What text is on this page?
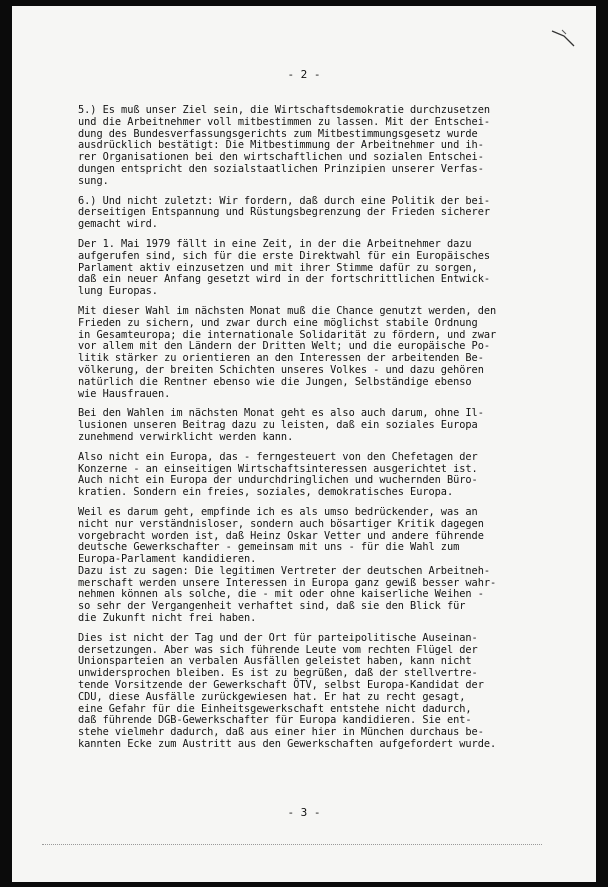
- 2 -
5.) Es muß unser Ziel sein, die Wirtschaftsdemokratie durchzusetzen
und die Arbeitnehmer voll mitbestimmen zu lassen. Mit der Entschei-
dung des Bundesverfassungsgerichts zum Mitbestimmungsgesetz wurde
ausdrücklich bestätigt: Die Mitbestimmung der Arbeitnehmer und ih-
rer Organisationen bei den wirtschaftlichen und sozialen Entschei-
dungen entspricht den sozialstaatlichen Prinzipien unserer Verfas-
sung.
6.) Und nicht zuletzt: Wir fordern, daß durch eine Politik der bei-
derseitigen Entspannung und Rüstungsbegrenzung der Frieden sicherer
gemacht wird.
Der 1. Mai 1979 fällt in eine Zeit, in der die Arbeitnehmer dazu
aufgerufen sind, sich für die erste Direktwahl für ein Europäisches
Parlament aktiv einzusetzen und mit ihrer Stimme dafür zu sorgen,
daß ein neuer Anfang gesetzt wird in der fortschrittlichen Entwick-
lung Europas.
Mit dieser Wahl im nächsten Monat muß die Chance genutzt werden, den
Frieden zu sichern, und zwar durch eine möglichst stabile Ordnung
in Gesamteuropa; die internationale Solidarität zu fördern, und zwar
vor allem mit den Ländern der Dritten Welt; und die europäische Po-
litik stärker zu orientieren an den Interessen der arbeitenden Be-
völkerung, der breiten Schichten unseres Volkes - und dazu gehören
natürlich die Rentner ebenso wie die Jungen, Selbständige ebenso
wie Hausfrauen.
Bei den Wahlen im nächsten Monat geht es also auch darum, ohne Il-
lusionen unseren Beitrag dazu zu leisten, daß ein soziales Europa
zunehmend verwirklicht werden kann.
Also nicht ein Europa, das - ferngesteuert von den Chefetagen der
Konzerne - an einseitigen Wirtschaftsinteressen ausgerichtet ist.
Auch nicht ein Europa der undurchdringlichen und wuchernden Büro-
kratien. Sondern ein freies, soziales, demokratisches Europa.
Weil es darum geht, empfinde ich es als umso bedrückender, was an
nicht nur verständnisloser, sondern auch bösartiger Kritik dagegen
vorgebracht worden ist, daß Heinz Oskar Vetter und andere führende
deutsche Gewerkschafter - gemeinsam mit uns - für die Wahl zum
Europa-Parlament kandidieren.
Dazu ist zu sagen: Die legitimen Vertreter der deutschen Arbeitneh-
merschaft werden unsere Interessen in Europa ganz gewiß besser wahr-
nehmen können als solche, die - mit oder ohne kaiserliche Weihen -
so sehr der Vergangenheit verhaftet sind, daß sie den Blick für
die Zukunft nicht frei haben.
Dies ist nicht der Tag und der Ort für parteipolitische Auseinan-
dersetzungen. Aber was sich führende Leute vom rechten Flügel der
Unionsparteien an verbalen Ausfällen geleistet haben, kann nicht
unwidersprochen bleiben. Es ist zu begrüßen, daß der stellvertre-
tende Vorsitzende der Gewerkschaft ÖTV, selbst Europa-Kandidat der
CDU, diese Ausfälle zurückgewiesen hat. Er hat zu recht gesagt,
eine Gefahr für die Einheitsgewerkschaft entstehe nicht dadurch,
daß führende DGB-Gewerkschafter für Europa kandidieren. Sie ent-
stehe vielmehr dadurch, daß aus einer hier in München durchaus be-
kannten Ecke zum Austritt aus den Gewerkschaften aufgefordert wurde.
- 3 -
